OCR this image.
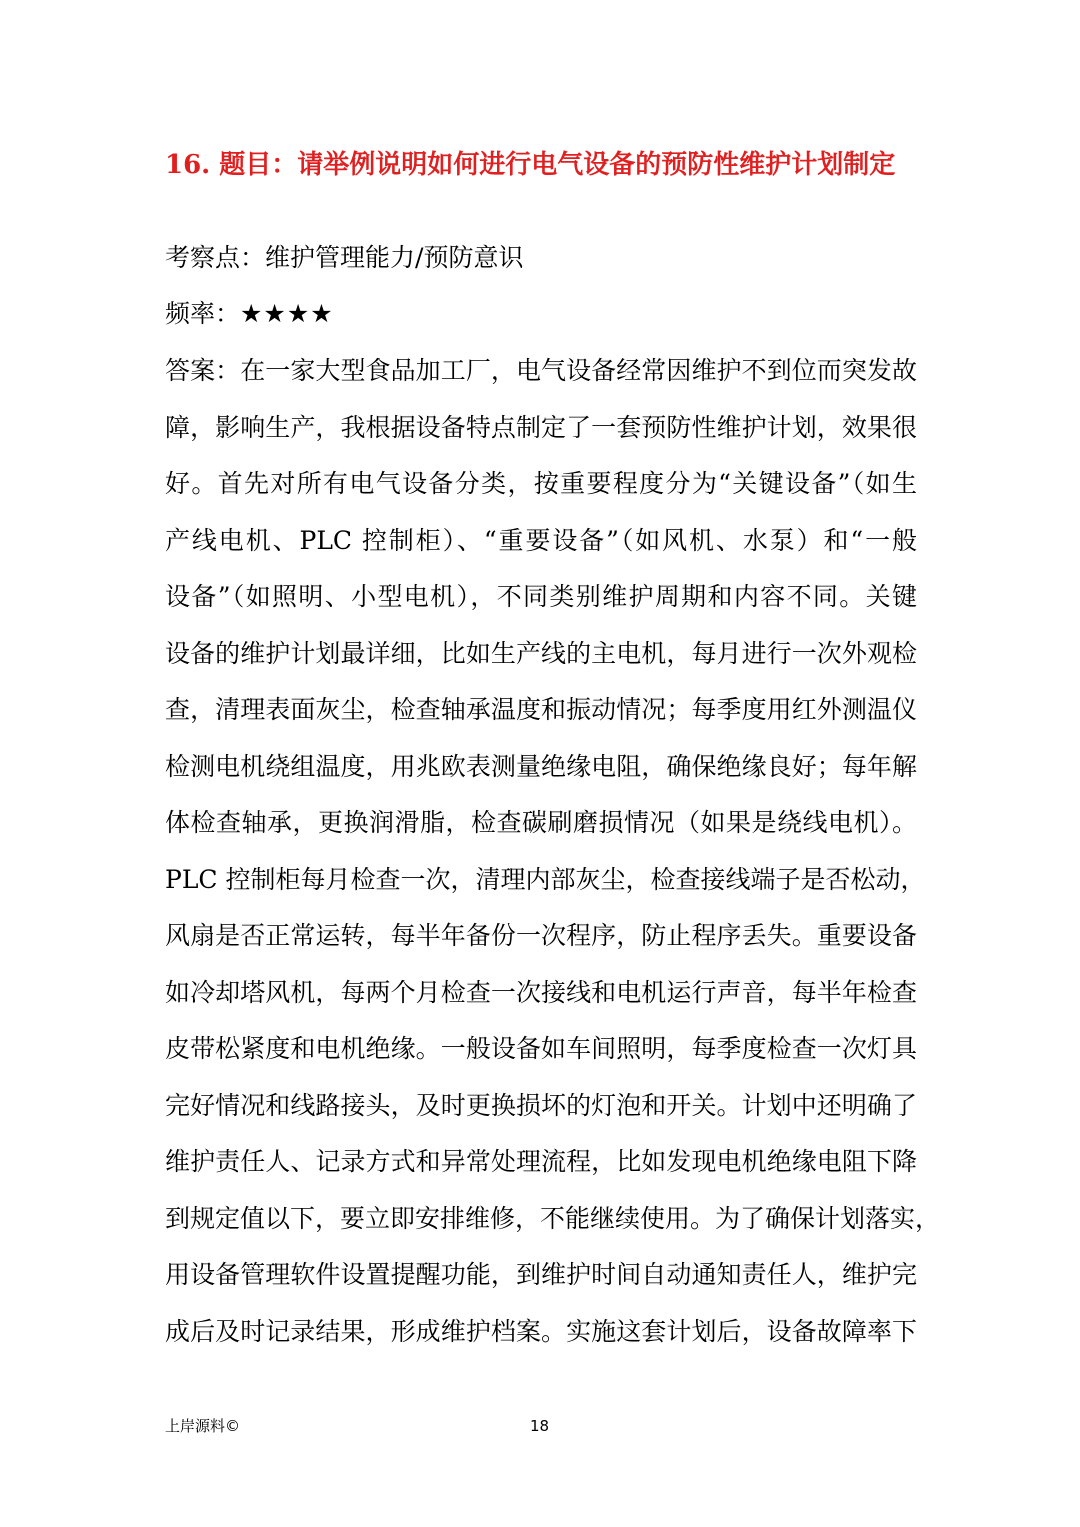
16. 题目：请举例说明如何进行电气设备的预防性维护计划制定
考察点：维护管理能力/预防意识
频率：★★★★
答案：在一家大型食品加工厂，电气设备经常因维护不到位而突发故
障，影响生产，我根据设备特点制定了一套预防性维护计划，效果很
好。首先对所有电气设备分类，按重要程度分为“关键设备”（如生
产线电机、PLC 控制柜）、“重要设备”（如风机、水泵）和“一般
设备”（如照明、小型电机），不同类别维护周期和内容不同。关键
设备的维护计划最详细，比如生产线的主电机，每月进行一次外观检
查，清理表面灰尘，检查轴承温度和振动情况；每季度用红外测温仪
检测电机绕组温度，用兆欧表测量绝缘电阻，确保绝缘良好；每年解
体检查轴承，更换润滑脂，检查碳刷磨损情况（如果是绕线电机）。
PLC 控制柜每月检查一次，清理内部灰尘，检查接线端子是否松动，
风扇是否正常运转，每半年备份一次程序，防止程序丢失。重要设备
如冷却塔风机，每两个月检查一次接线和电机运行声音，每半年检查
皮带松紧度和电机绝缘。一般设备如车间照明，每季度检查一次灯具
完好情况和线路接头，及时更换损坏的灯泡和开关。计划中还明确了
维护责任人、记录方式和异常处理流程，比如发现电机绝缘电阻下降
到规定值以下，要立即安排维修，不能继续使用。为了确保计划落实，
用设备管理软件设置提醒功能，到维护时间自动通知责任人，维护完
成后及时记录结果，形成维护档案。实施这套计划后，设备故障率下
上岸源料©	18
